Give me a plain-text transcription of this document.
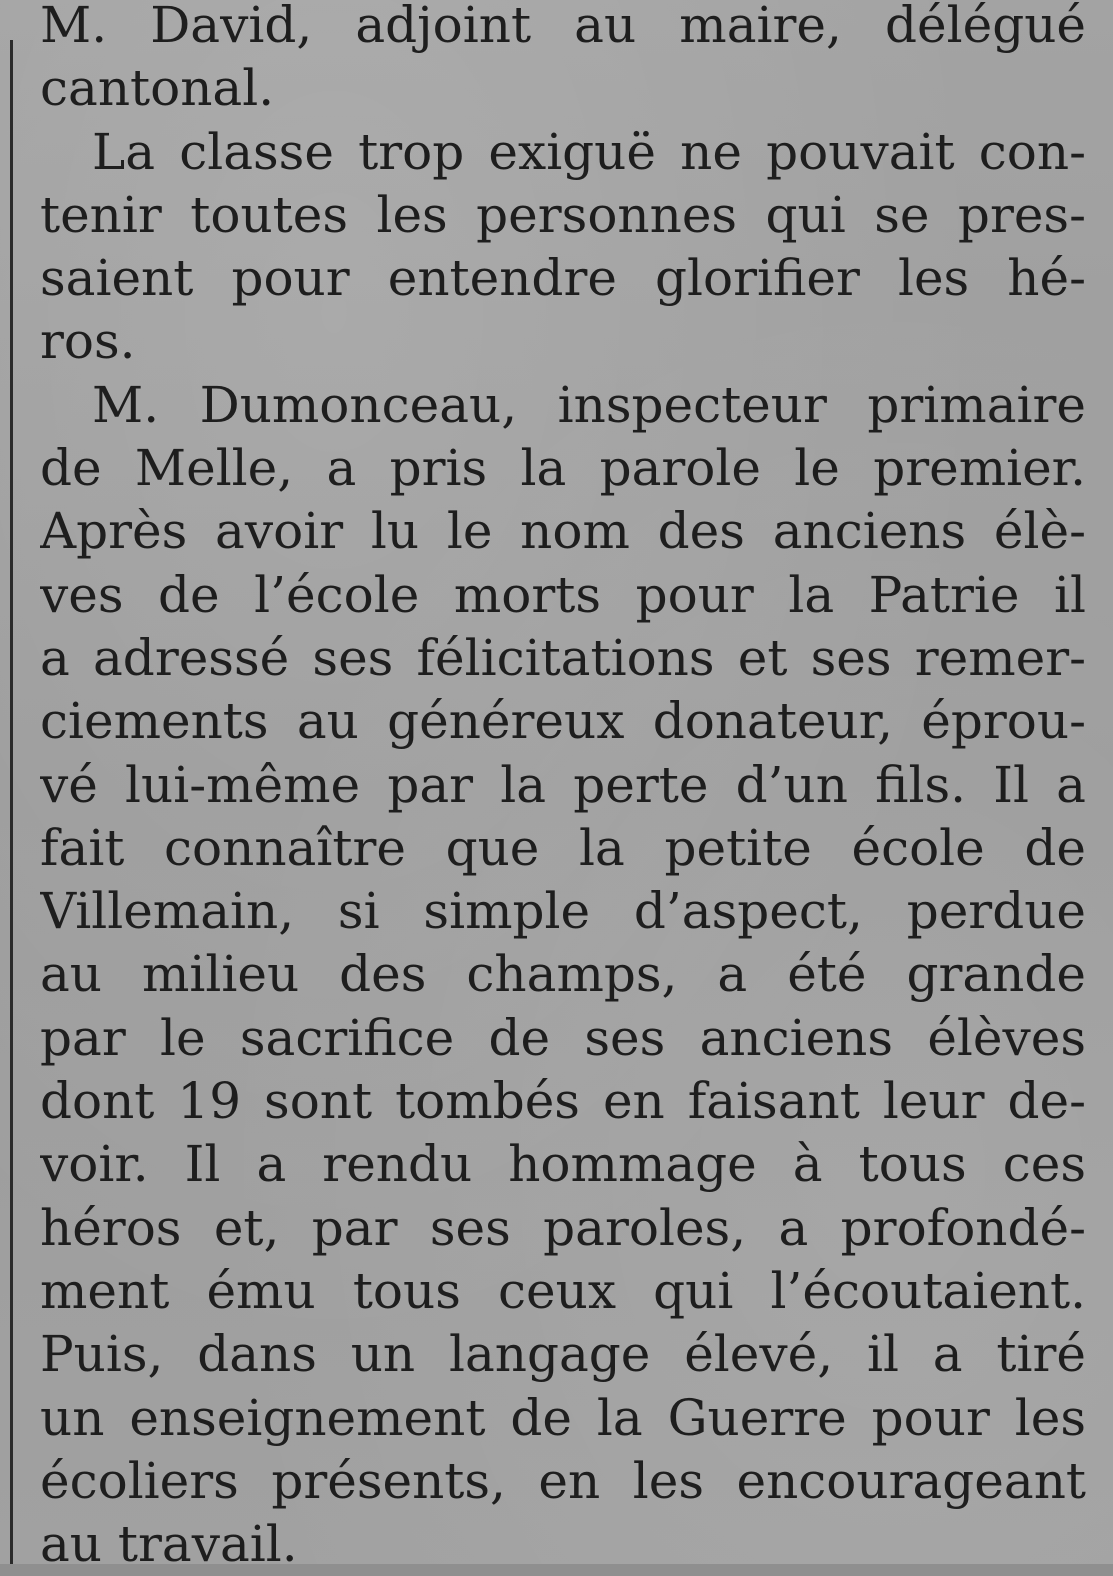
M. David, adjoint au maire, délégué
cantonal.
La classe trop exiguë ne pouvait con-
tenir toutes les personnes qui se pres-
saient pour entendre glorifier les hé-
ros.
M. Dumonceau, inspecteur primaire
de Melle, a pris la parole le premier.
Après avoir lu le nom des anciens élè-
ves de l’école morts pour la Patrie il
a adressé ses félicitations et ses remer-
ciements au généreux donateur, éprou-
vé lui-même par la perte d’un fils. Il a
fait connaître que la petite école de
Villemain, si simple d’aspect, perdue
au milieu des champs, a été grande
par le sacrifice de ses anciens élèves
dont 19 sont tombés en faisant leur de-
voir. Il a rendu hommage à tous ces
héros et, par ses paroles, a profondé-
ment ému tous ceux qui l’écoutaient.
Puis, dans un langage élevé, il a tiré
un enseignement de la Guerre pour les
écoliers présents, en les encourageant
au travail.
